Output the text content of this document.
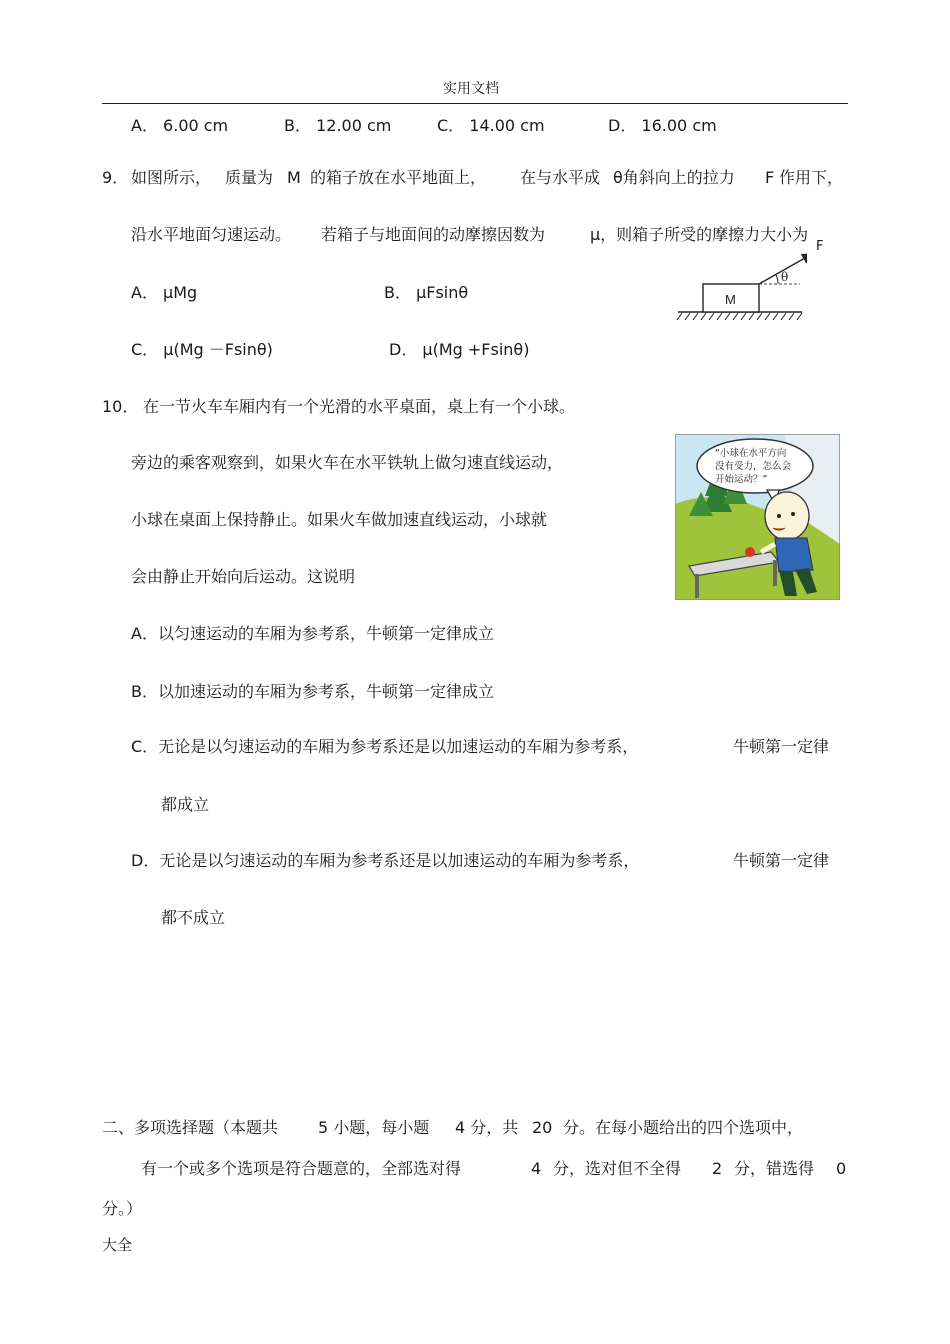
实用文档
A． 6.00 cm	B． 12.00 cm	C． 14.00 cm	D． 16.00 cm
9． 如图所示， 质量为 M 的箱子放在水平地面上， 在与水平成 θ角斜向上的拉力 F 作用下，
沿水平地面匀速运动。 若箱子与地面间的动摩擦因数为	μ，则箱子所受的摩擦力大小为
A． μMg	B． μFsinθ
C． μ(Mg －Fsinθ)	D． μ(Mg +Fsinθ)
M
θ
F
10． 在一节火车车厢内有一个光滑的水平桌面，桌上有一个小球。
旁边的乘客观察到，如果火车在水平铁轨上做匀速直线运动，
小球在桌面上保持静止。如果火车做加速直线运动，小球就
会由静止开始向后运动。这说明
A．以匀速运动的车厢为参考系，牛顿第一定律成立
B．以加速运动的车厢为参考系，牛顿第一定律成立
C．无论是以匀速运动的车厢为参考系还是以加速运动的车厢为参考系，	牛顿第一定律
都成立
D．无论是以匀速运动的车厢为参考系还是以加速运动的车厢为参考系，	牛顿第一定律
都不成立
“小球在水平方向
没有受力，怎么会
开始运动？”
二、多项选择题（本题共 5 小题，每小题 4 分，共 20 分。在每小题给出的四个选项中，
有一个或多个选项是符合题意的，全部选对得	4 分，选对但不全得 2 分，错选得 0
分。）
大全
